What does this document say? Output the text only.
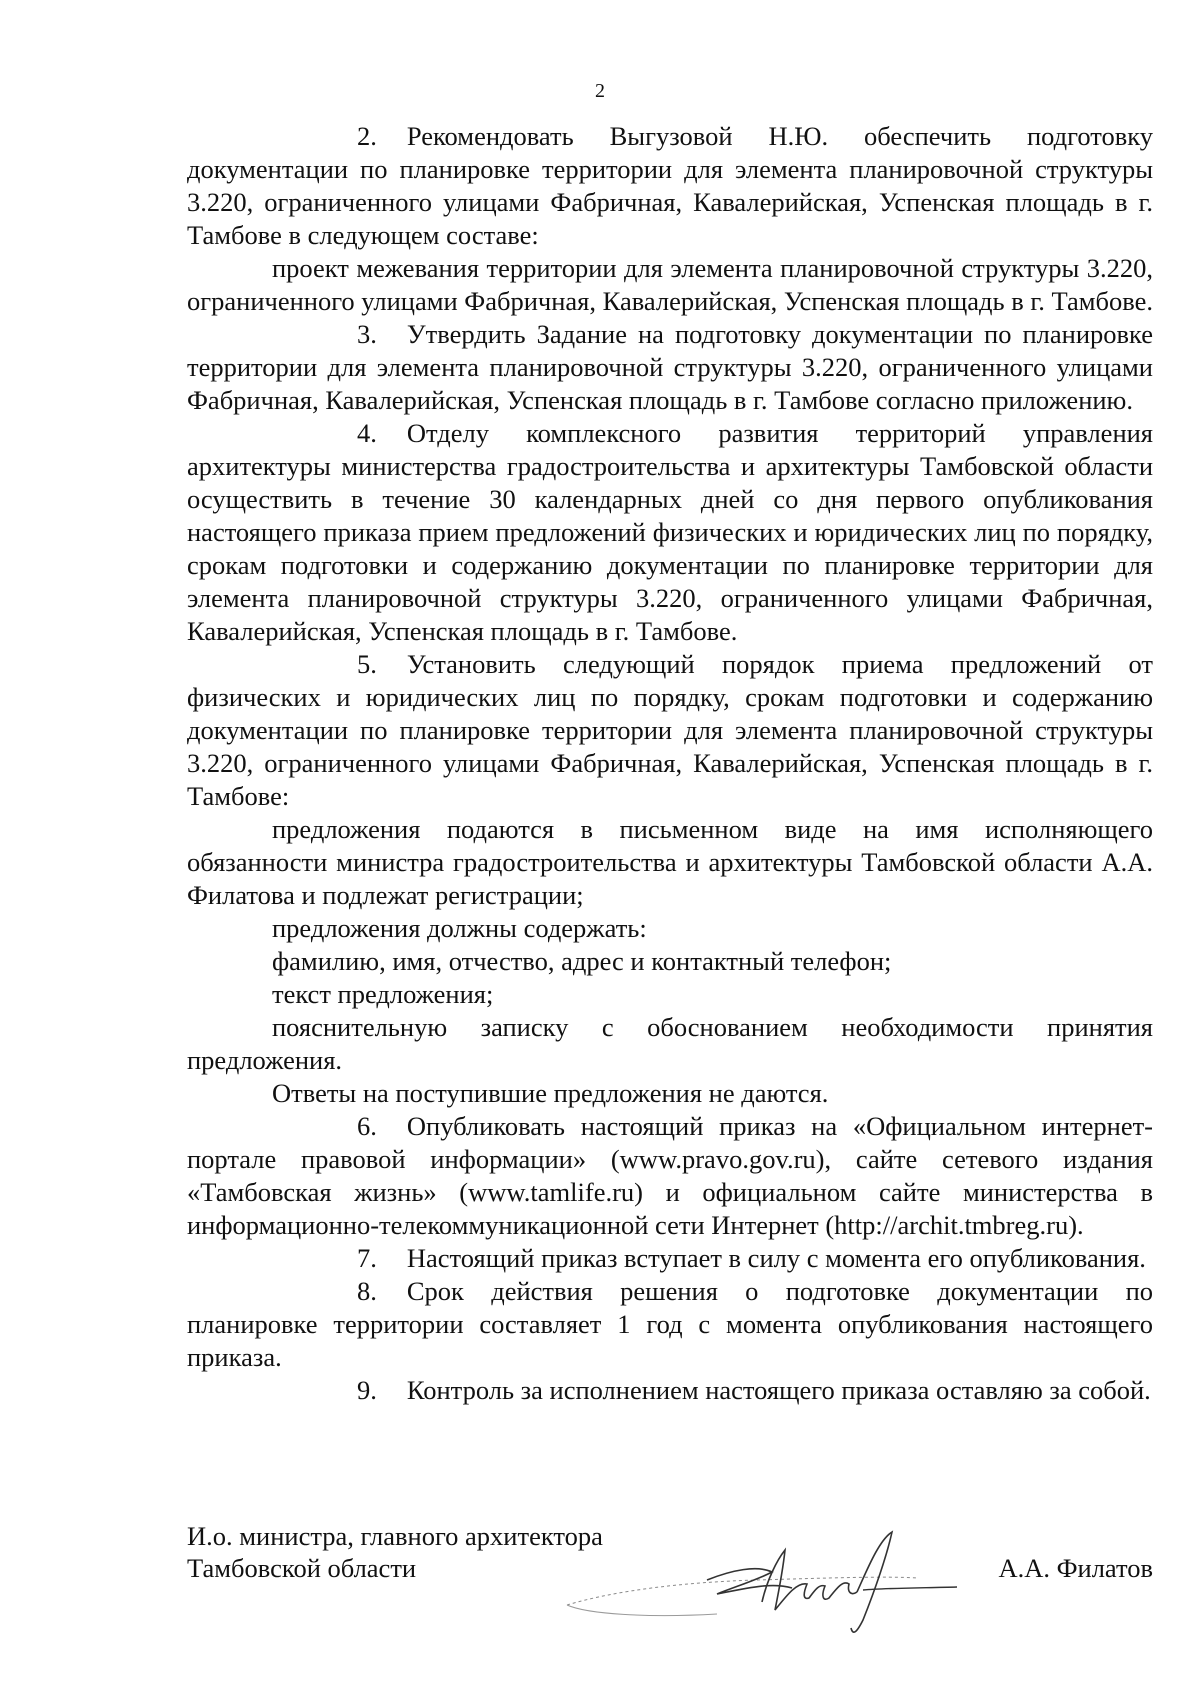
2

2. Рекомендовать Выгузовой Н.Ю. обеспечить подготовку документации по планировке территории для элемента планировочной структуры 3.220, ограниченного улицами Фабричная, Кавалерийская, Успенская площадь в г. Тамбове в следующем составе:

проект межевания территории для элемента планировочной структуры 3.220, ограниченного улицами Фабричная, Кавалерийская, Успенская площадь в г. Тамбове.

3. Утвердить Задание на подготовку документации по планировке территории для элемента планировочной структуры 3.220, ограниченного улицами Фабричная, Кавалерийская, Успенская площадь в г. Тамбове согласно приложению.

4. Отделу комплексного развития территорий управления архитектуры министерства градостроительства и архитектуры Тамбовской области осуществить в течение 30 календарных дней со дня первого опубликования настоящего приказа прием предложений физических и юридических лиц по порядку, срокам подготовки и содержанию документации по планировке территории для элемента планировочной структуры 3.220, ограниченного улицами Фабричная, Кавалерийская, Успенская площадь в г. Тамбове.

5. Установить следующий порядок приема предложений от физических и юридических лиц по порядку, срокам подготовки и содержанию документации по планировке территории для элемента планировочной структуры 3.220, ограниченного улицами Фабричная, Кавалерийская, Успенская площадь в г. Тамбове:

предложения подаются в письменном виде на имя исполняющего обязанности министра градостроительства и архитектуры Тамбовской области А.А. Филатова и подлежат регистрации;

предложения должны содержать:

фамилию, имя, отчество, адрес и контактный телефон;

текст предложения;

пояснительную записку с обоснованием необходимости принятия предложения.

Ответы на поступившие предложения не даются.

6. Опубликовать настоящий приказ на «Официальном интернет-портале правовой информации» (www.pravo.gov.ru), сайте сетевого издания «Тамбовская жизнь» (www.tamlife.ru) и официальном сайте министерства в информационно-телекоммуникационной сети Интернет (http://archit.tmbreg.ru).

7. Настоящий приказ вступает в силу с момента его опубликования.

8. Срок действия решения о подготовке документации по планировке территории составляет 1 год с момента опубликования настоящего приказа.

9. Контроль за исполнением настоящего приказа оставляю за собой.

И.о. министра, главного архитектора
Тамбовской области	А.А. Филатов
